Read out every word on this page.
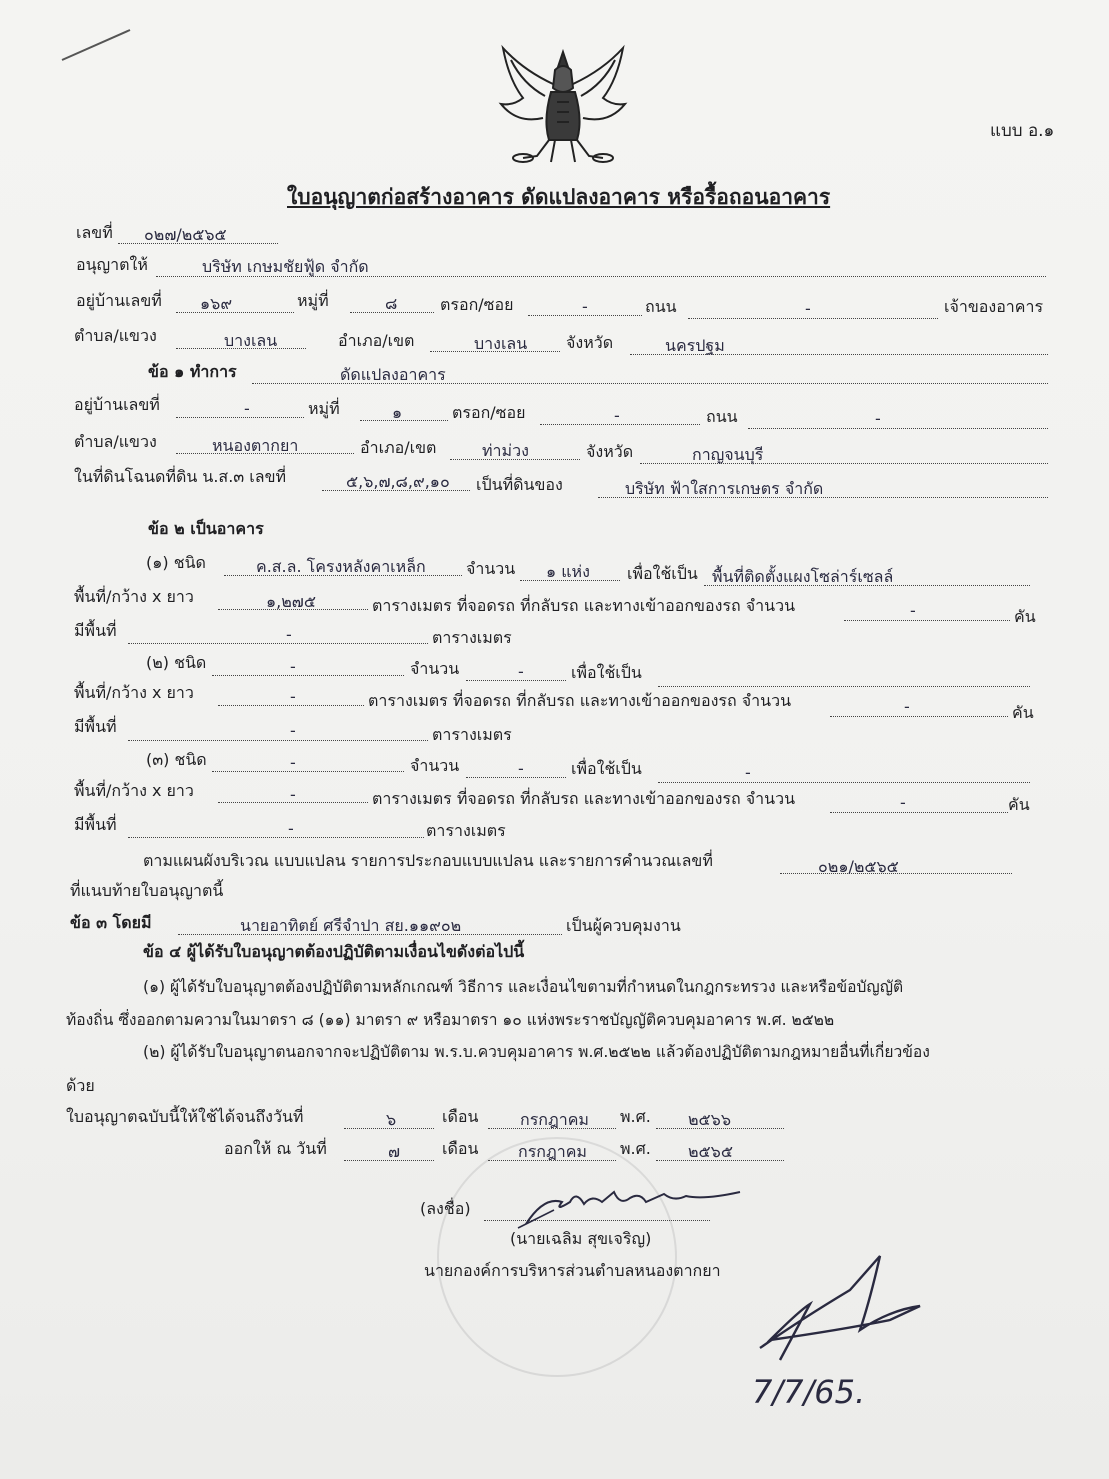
แบบ อ.๑
ใบอนุญาตก่อสร้างอาคาร ดัดแปลงอาคาร หรือรื้อถอนอาคาร
เลขที่ ๐๒๗/๒๕๖๕
อนุญาตให้	บริษัท เกษมชัยฟู้ด จำกัด
อยู่บ้านเลขที่ ๑๖๙	หมู่ที่	๘	ตรอก/ซอย	-	ถนน	-	เจ้าของอาคาร
ตำบล/แขวง	บางเลน	อำเภอ/เขต	บางเลน จังหวัด	นครปฐม
ข้อ ๑ ทำการ	ดัดแปลงอาคาร
อยู่บ้านเลขที่	-	หมู่ที่	๑	ตรอก/ซอย	-	ถนน	-
ตำบล/แขวง	หนองตากยา	อำเภอ/เขต	ท่าม่วง	จังหวัด	กาญจนบุรี
ในที่ดินโฉนดที่ดิน น.ส.๓ เลขที่	๕,๖,๗,๘,๙,๑๐ เป็นที่ดินของ	บริษัท ฟ้าใสการเกษตร จำกัด
ข้อ ๒ เป็นอาคาร
(๑) ชนิด	ค.ส.ล. โครงหลังคาเหล็ก	จำนวน ๑ แห่ง เพื่อใช้เป็น พื้นที่ติดตั้งแผงโซล่าร์เซลล์
พื้นที่/กว้าง x ยาว	๑,๒๗๕	ตารางเมตร ที่จอดรถ ที่กลับรถ และทางเข้าออกของรถ จำนวน	-	คัน
มีพื้นที่	-	ตารางเมตร
(๒) ชนิด	-	จำนวน	-	เพื่อใช้เป็น
พื้นที่/กว้าง x ยาว	-	ตารางเมตร ที่จอดรถ ที่กลับรถ และทางเข้าออกของรถ จำนวน	-	คัน
มีพื้นที่	-	ตารางเมตร
(๓) ชนิด	-	จำนวน	-	เพื่อใช้เป็น	-
พื้นที่/กว้าง x ยาว	-	ตารางเมตร ที่จอดรถ ที่กลับรถ และทางเข้าออกของรถ จำนวน	-	คัน
มีพื้นที่	-	ตารางเมตร
ตามแผนผังบริเวณ แบบแปลน รายการประกอบแบบแปลน และรายการคำนวณเลขที่	๐๒๑/๒๕๖๕
ที่แนบท้ายใบอนุญาตนี้
ข้อ ๓ โดยมี	นายอาทิตย์ ศรีจำปา สย.๑๑๙๐๒	เป็นผู้ควบคุมงาน
ข้อ ๔ ผู้ได้รับใบอนุญาตต้องปฏิบัติตามเงื่อนไขดังต่อไปนี้
(๑) ผู้ได้รับใบอนุญาตต้องปฏิบัติตามหลักเกณฑ์ วิธีการ และเงื่อนไขตามที่กำหนดในกฎกระทรวง และหรือข้อบัญญัติ
ท้องถิ่น ซึ่งออกตามความในมาตรา ๘ (๑๑) มาตรา ๙ หรือมาตรา ๑๐ แห่งพระราชบัญญัติควบคุมอาคาร พ.ศ. ๒๕๒๒
(๒) ผู้ได้รับใบอนุญาตนอกจากจะปฏิบัติตาม พ.ร.บ.ควบคุมอาคาร พ.ศ.๒๕๒๒ แล้วต้องปฏิบัติตามกฎหมายอื่นที่เกี่ยวข้อง
ด้วย
ใบอนุญาตฉบับนี้ให้ใช้ได้จนถึงวันที่	๖	เดือน	กรกฎาคม พ.ศ. ๒๕๖๖
ออกให้ ณ วันที่	๗	เดือน กรกฎาคม พ.ศ. ๒๕๖๕
(ลงชื่อ)
(นายเฉลิม สุขเจริญ)
นายกองค์การบริหารส่วนตำบลหนองตากยา
7/7/65.
